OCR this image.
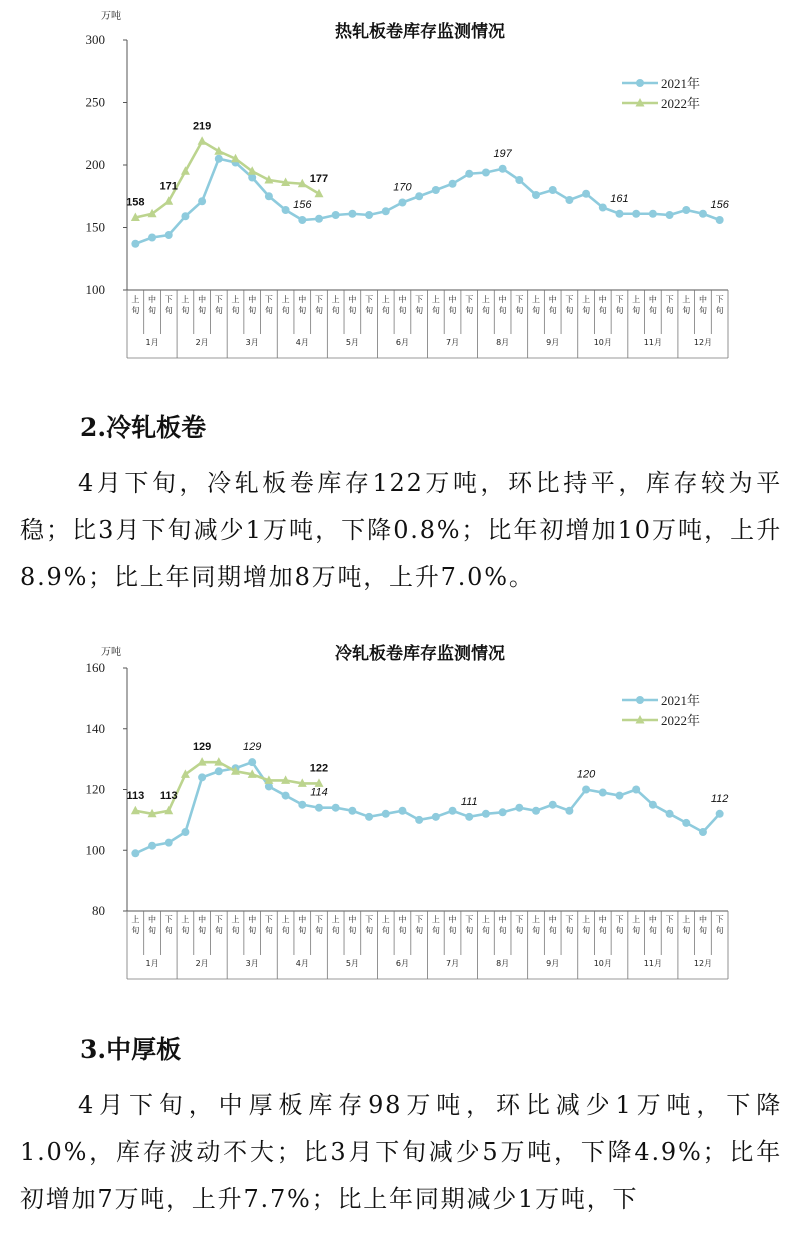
热轧板卷库存监测情况
万吨
100
150
200
250
300
上
旬
中
旬
下
旬
上
旬
中
旬
下
旬
上
旬
中
旬
下
旬
上
旬
中
旬
下
旬
上
旬
中
旬
下
旬
上
旬
中
旬
下
旬
上
旬
中
旬
下
旬
上
旬
中
旬
下
旬
上
旬
中
旬
下
旬
上
旬
中
旬
下
旬
上
旬
中
旬
下
旬
上
旬
中
旬
下
旬
1月	2月	3月	4月	5月	6月	7月	8月	9月	10月	11月	12月
2021年
2022年
158
171
219
177
156
170
197
161
156
2.冷轧板卷

4月下旬，冷轧板卷库存122万吨，环比持平，库存较为平稳；比3月下旬减少1万吨，下降0.8%；比年初增加10万吨，上升8.9%；比上年同期增加8万吨，上升7.0%。

冷轧板卷库存监测情况
万吨
80
100
120
140
160
上
旬
中
旬
下
旬
上
旬
中
旬
下
旬
上
旬
中
旬
下
旬
上
旬
中
旬
下
旬
上
旬
中
旬
下
旬
上
旬
中
旬
下
旬
上
旬
中
旬
下
旬
上
旬
中
旬
下
旬
上
旬
中
旬
下
旬
上
旬
中
旬
下
旬
上
旬
中
旬
下
旬
上
旬
中
旬
下
旬
1月	2月	3月	4月	5月	6月	7月	8月	9月	10月	11月	12月
2021年
2022年
113 113
129	129
122
114
111
120
112
3.中厚板

4月下旬，中厚板库存98万吨，环比减少1万吨，下降1.0%，库存波动不大；比3月下旬减少5万吨，下降4.9%；比年初增加7万吨，上升7.7%；比上年同期减少1万吨，下
